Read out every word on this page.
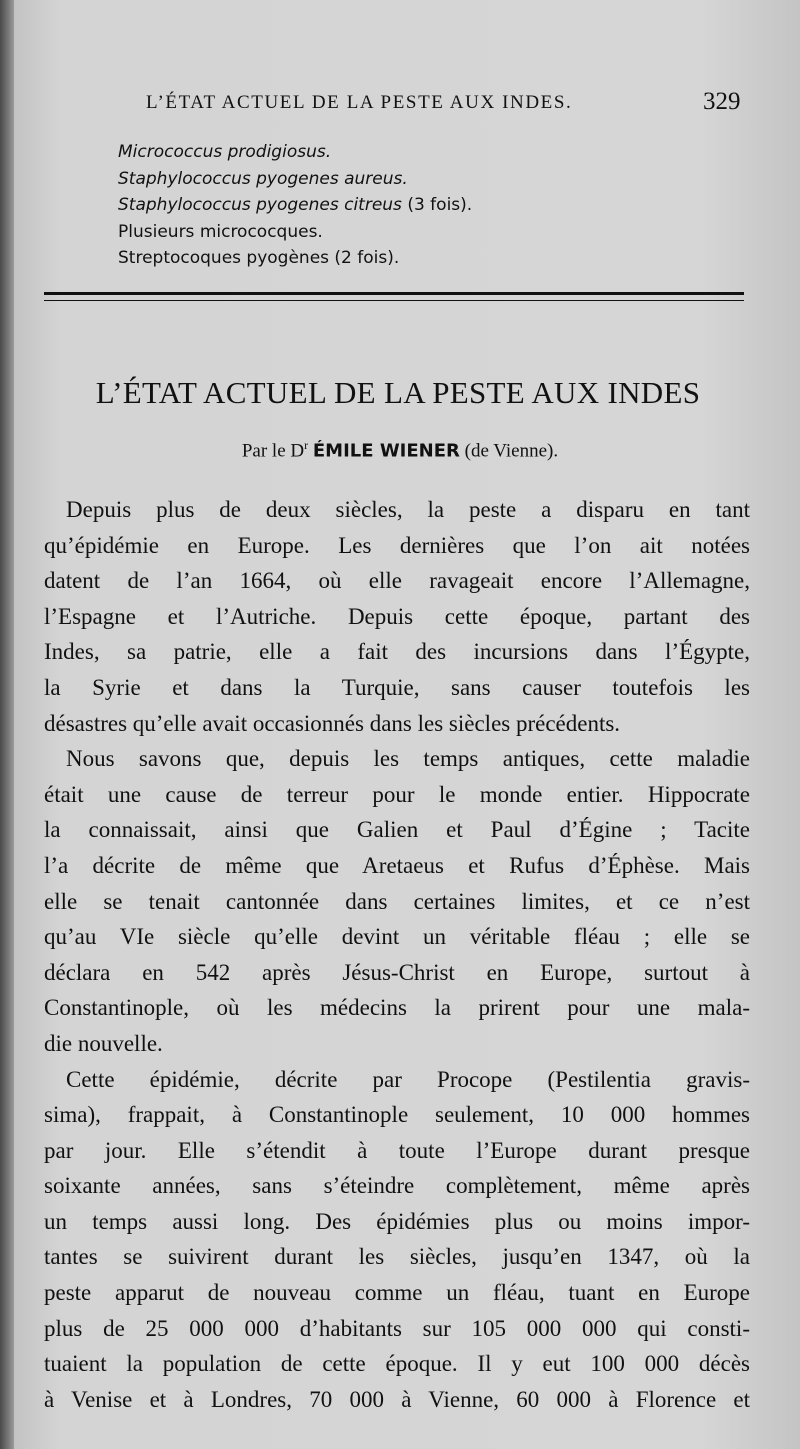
L’ÉTAT ACTUEL DE LA PESTE AUX INDES.	329
Micrococcus prodigiosus.
Staphylococcus pyogenes aureus.
Staphylococcus pyogenes citreus (3 fois).
Plusieurs micrococques.
Streptocoques pyogènes (2 fois).
L’ÉTAT ACTUEL DE LA PESTE AUX INDES
Par le $D^r$ ÉMILE WIENER (de Vienne).
Depuis plus de deux siècles, la peste a disparu en tant
qu’épidémie en Europe. Les dernières que l’on ait notées
datent de l’an 1664, où elle ravageait encore l’Allemagne,
l’Espagne et l’Autriche. Depuis cette époque, partant des
Indes, sa patrie, elle a fait des incursions dans l’Égypte,
la Syrie et dans la Turquie, sans causer toutefois les
désastres qu’elle avait occasionnés dans les siècles précédents.
Nous savons que, depuis les temps antiques, cette maladie
était une cause de terreur pour le monde entier. Hippocrate
la connaissait, ainsi que Galien et Paul d’Égine ; Tacite
l’a décrite de même que Aretaeus et Rufus d’Éphèse. Mais
elle se tenait cantonnée dans certaines limites, et ce n’est
qu’au VIe siècle qu’elle devint un véritable fléau ; elle se
déclara en 542 après Jésus-Christ en Europe, surtout à
Constantinople, où les médecins la prirent pour une mala-
die nouvelle.
Cette épidémie, décrite par Procope (Pestilentia gravis-
sima), frappait, à Constantinople seulement, 10 000 hommes
par jour. Elle s’étendit à toute l’Europe durant presque
soixante années, sans s’éteindre complètement, même après
un temps aussi long. Des épidémies plus ou moins impor-
tantes se suivirent durant les siècles, jusqu’en 1347, où la
peste apparut de nouveau comme un fléau, tuant en Europe
plus de 25 000 000 d’habitants sur 105 000 000 qui consti-
tuaient la population de cette époque. Il y eut 100 000 décès
à Venise et à Londres, 70 000 à Vienne, 60 000 à Florence et
